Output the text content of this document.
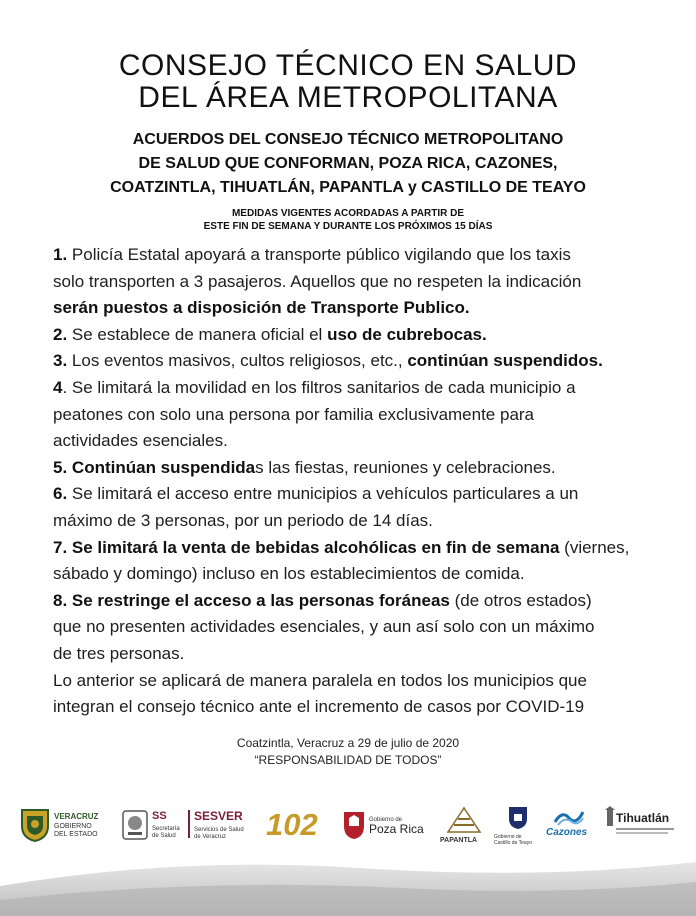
CONSEJO TÉCNICO EN SALUD
DEL ÁREA METROPOLITANA
ACUERDOS DEL CONSEJO TÉCNICO METROPOLITANO
DE SALUD QUE CONFORMAN, POZA RICA, CAZONES,
COATZINTLA, TIHUATLÁN, PAPANTLA y CASTILLO DE TEAYO
MEDIDAS VIGENTES ACORDADAS A PARTIR DE
ESTE FIN DE SEMANA Y DURANTE LOS PRÓXIMOS 15 DÍAS
1. Policía Estatal apoyará a transporte público vigilando que los taxis
solo transporten a 3 pasajeros. Aquellos que no respeten la indicación
serán puestos a disposición de Transporte Publico.
2. Se establece de manera oficial el uso de cubrebocas.
3. Los eventos masivos, cultos religiosos, etc., continúan suspendidos.
4. Se limitará la movilidad en los filtros sanitarios de cada municipio a
peatones con solo una persona por familia exclusivamente para
actividades esenciales.
5. Continúan suspendidas las fiestas, reuniones y celebraciones.
6. Se limitará el acceso entre municipios a vehículos particulares a un
máximo de 3 personas, por un periodo de 14 días.
7. Se limitará la venta de bebidas alcohólicas en fin de semana (viernes,
sábado y domingo) incluso en los establecimientos de comida.
8. Se restringe el acceso a las personas foráneas (de otros estados)
que no presenten actividades esenciales, y aun así solo con un máximo
de tres personas.
Lo anterior se aplicará de manera paralela en todos los municipios que
integran el consejo técnico ante el incremento de casos por COVID-19
Coatzintla, Veracruz a 29 de julio de 2020
“RESPONSABILIDAD DE TODOS”
VERACRUZ
GOBIERNO
DEL ESTADO
SS
Secretaría
de Salud
SESVER
Servicios de Salud
de Veracruz 102	Gobierno de
Poza Rica
PAPANTLA	Gobierno de
Castillo de Teayo
Cazones
Tihuatlán
